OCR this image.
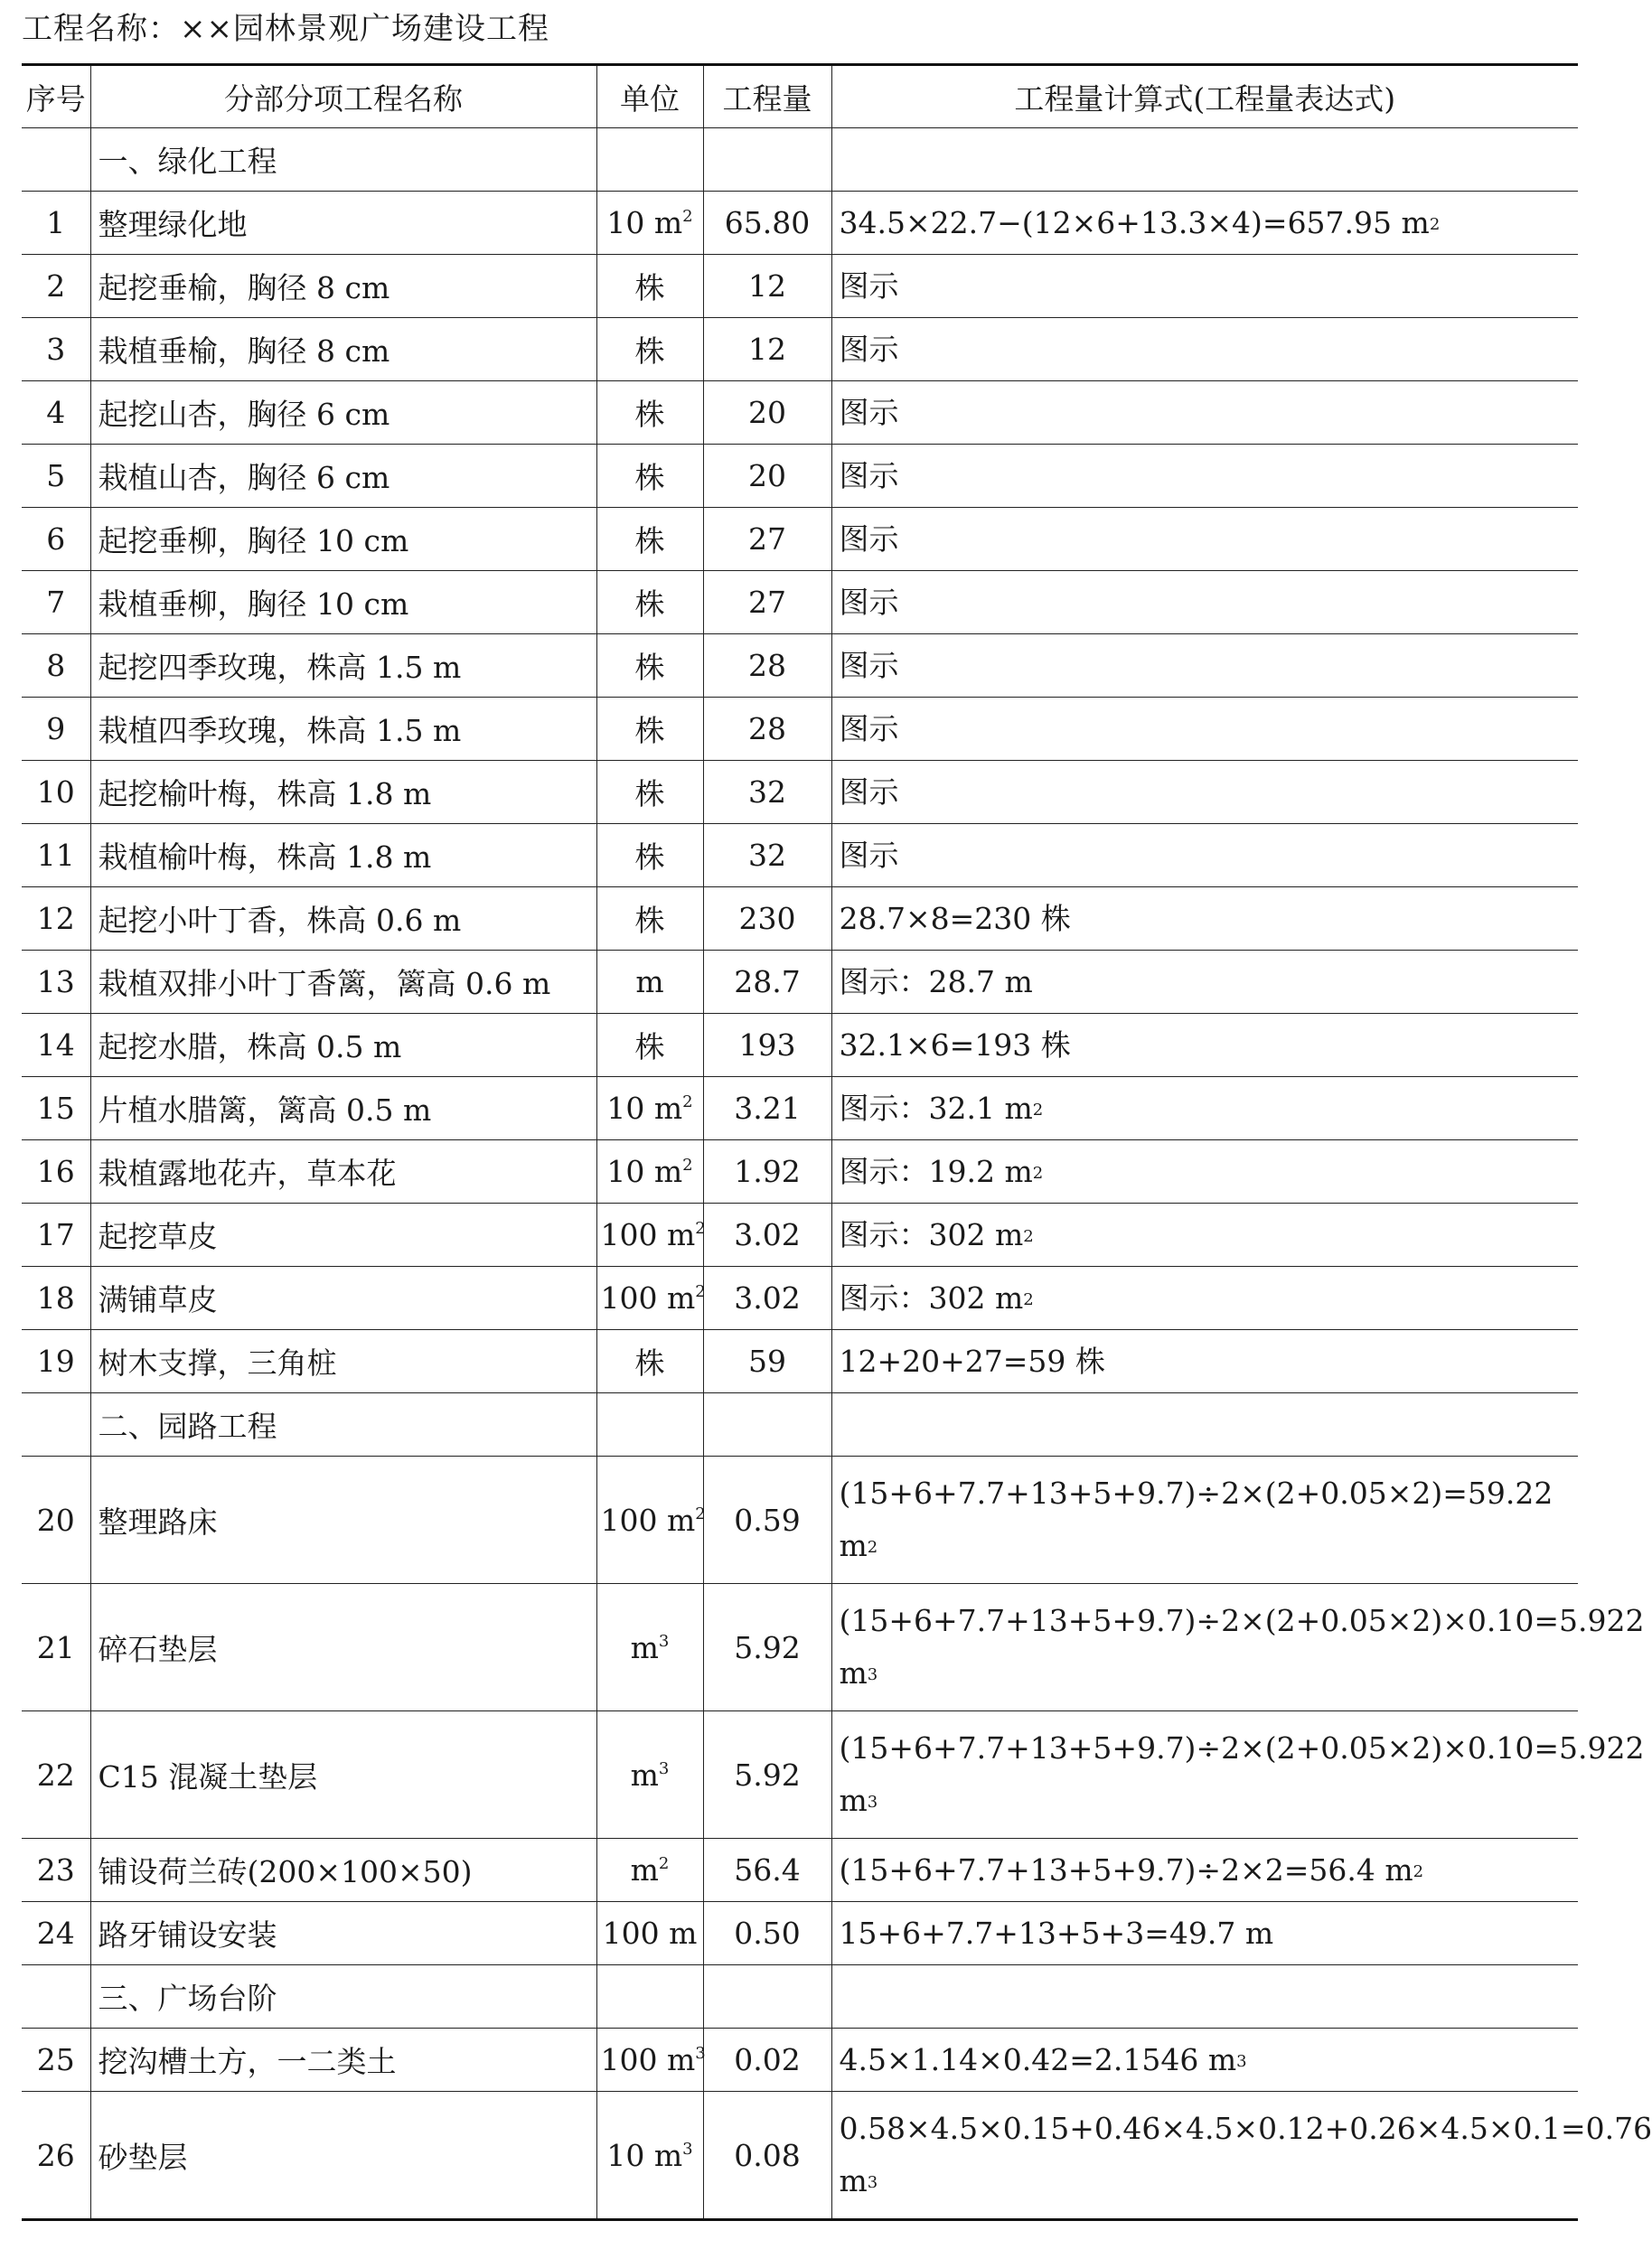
工程名称：××园林景观广场建设工程
序号	分部分项工程名称	单位	工程量	工程量计算式(工程量表达式)
	一、绿化工程			
1	整理绿化地	10 $m^2$	65.80	34.5×22.7−(12×6+13.3×4)=657.95 $m^2$
2	起挖垂榆，胸径 8 cm	株	12	图示
3	栽植垂榆，胸径 8 cm	株	12	图示
4	起挖山杏，胸径 6 cm	株	20	图示
5	栽植山杏，胸径 6 cm	株	20	图示
6	起挖垂柳，胸径 10 cm	株	27	图示
7	栽植垂柳，胸径 10 cm	株	27	图示
8	起挖四季玫瑰，株高 1.5 m	株	28	图示
9	栽植四季玫瑰，株高 1.5 m	株	28	图示
10	起挖榆叶梅，株高 1.8 m	株	32	图示
11	栽植榆叶梅，株高 1.8 m	株	32	图示
12	起挖小叶丁香，株高 0.6 m	株	230	28.7×8=230 株
13	栽植双排小叶丁香篱，篱高 0.6 m	m	28.7	图示：28.7 m
14	起挖水腊，株高 0.5 m	株	193	32.1×6=193 株
15	片植水腊篱，篱高 0.5 m	10 $m^2$	3.21	图示：32.1 $m^2$
16	栽植露地花卉，草本花	10 $m^2$	1.92	图示：19.2 $m^2$
17	起挖草皮	100 $m^2$	3.02	图示：302 $m^2$
18	满铺草皮	100 $m^2$	3.02	图示：302 $m^2$
19	树木支撑，三角桩	株	59	12+20+27=59 株
	二、园路工程			
20	整理路床	100 $m^2$	0.59	(15+6+7.7+13+5+9.7)÷2×(2+0.05×2)=59.22 $m^2$
21	碎石垫层	$m^3$	5.92	(15+6+7.7+13+5+9.7)÷2×(2+0.05×2)×0.10=5.922 $m^3$
22	C15 混凝土垫层	$m^3$	5.92	(15+6+7.7+13+5+9.7)÷2×(2+0.05×2)×0.10=5.922 $m^3$
23	铺设荷兰砖(200×100×50)	$m^2$	56.4	(15+6+7.7+13+5+9.7)÷2×2=56.4 $m^2$
24	路牙铺设安装	100 m	0.50	15+6+7.7+13+5+3=49.7 m
	三、广场台阶			
25	挖沟槽土方，一二类土	100 $m^3$	0.02	4.5×1.14×0.42=2.1546 $m^3$
26	砂垫层	10 $m^3$	0.08	0.58×4.5×0.15+0.46×4.5×0.12+0.26×4.5×0.1=0.76 $m^3$
